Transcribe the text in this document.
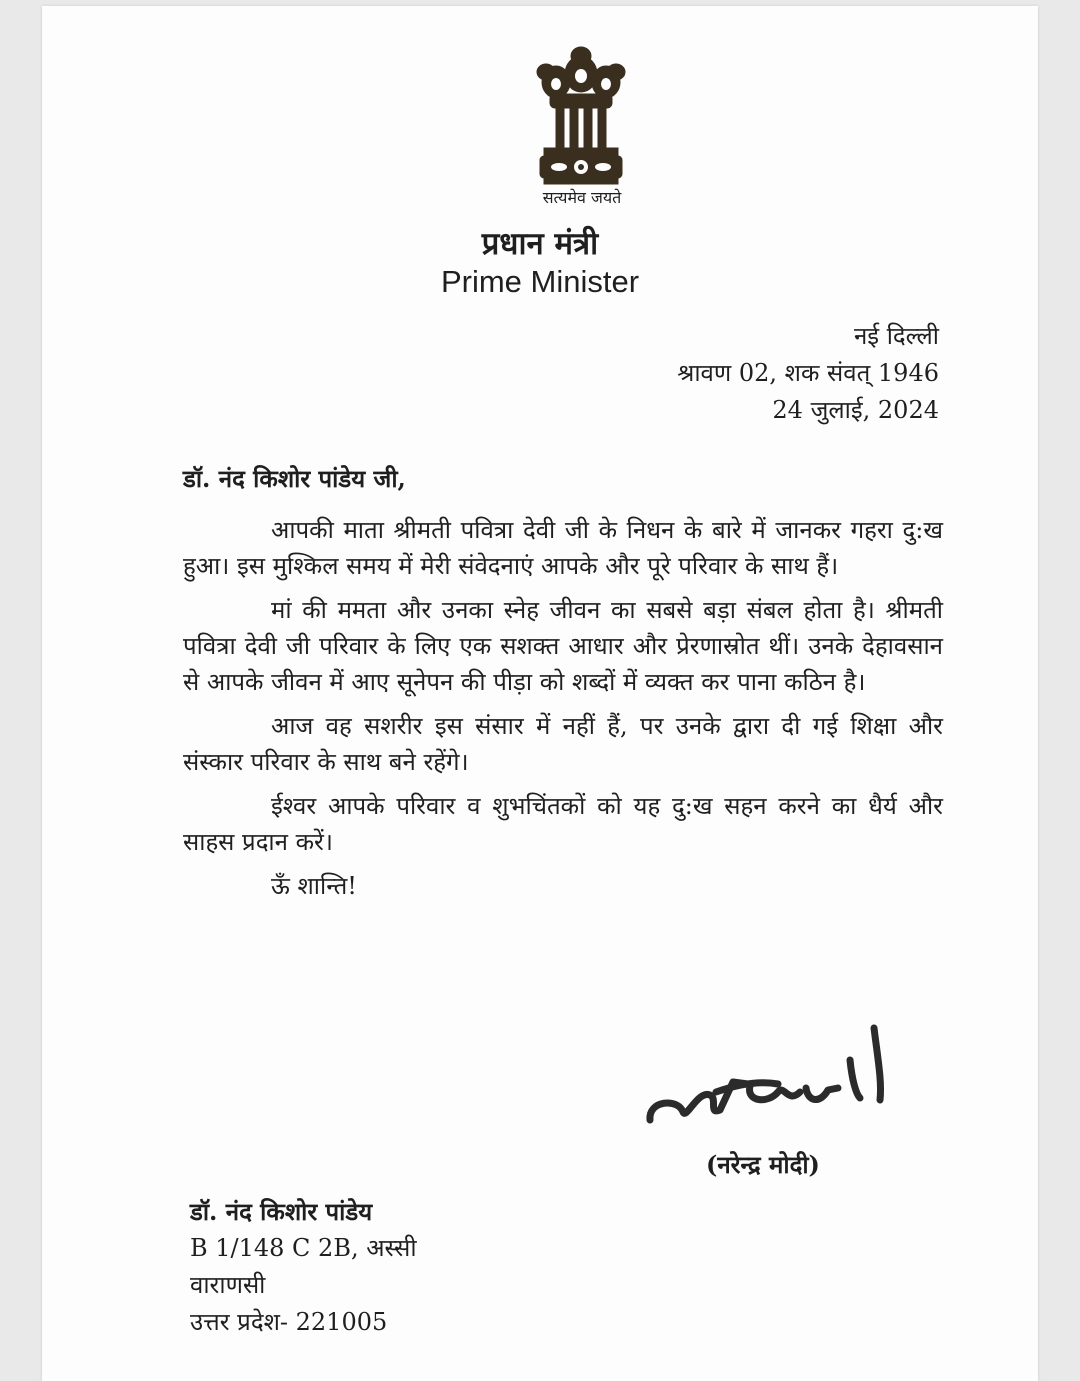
सत्यमेव जयते
प्रधान मंत्री
Prime Minister
नई दिल्ली
श्रावण 02, शक संवत् 1946
24 जुलाई, 2024
डॉ. नंद किशोर पांडेय जी,

आपकी माता श्रीमती पवित्रा देवी जी के निधन के बारे में जानकर गहरा दु:ख हुआ। इस मुश्किल समय में मेरी संवेदनाएं आपके और पूरे परिवार के साथ हैं।

मां की ममता और उनका स्नेह जीवन का सबसे बड़ा संबल होता है। श्रीमती पवित्रा देवी जी परिवार के लिए एक सशक्त आधार और प्रेरणास्रोत थीं। उनके देहावसान से आपके जीवन में आए सूनेपन की पीड़ा को शब्दों में व्यक्त कर पाना कठिन है।

आज वह सशरीर इस संसार में नहीं हैं, पर उनके द्वारा दी गई शिक्षा और संस्कार परिवार के साथ बने रहेंगे।

ईश्वर आपके परिवार व शुभचिंतकों को यह दु:ख सहन करने का धैर्य और साहस प्रदान करें।

ऊँ शान्ति!

(नरेन्द्र मोदी)
डॉ. नंद किशोर पांडेय
B 1/148 C 2B, अस्सी
वाराणसी
उत्तर प्रदेश- 221005
